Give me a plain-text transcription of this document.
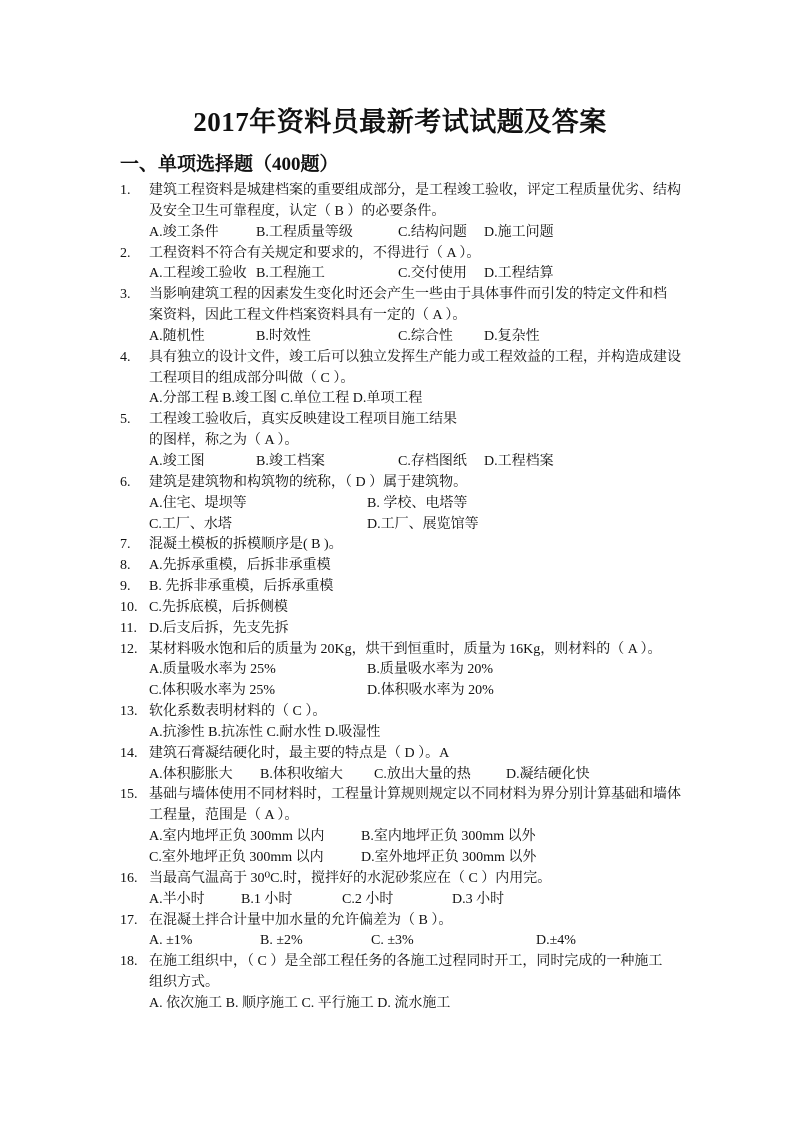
2017年资料员最新考试试题及答案
一、单项选择题（400题）
1. 建筑工程资料是城建档案的重要组成部分，是工程竣工验收，评定工程质量优劣、结构
及安全卫生可靠程度，认定（ B ）的必要条件。
A.竣工条件	B.工程质量等级	C.结构问题 D.施工问题
2. 工程资料不符合有关规定和要求的，不得进行（ A ）。
A.工程竣工验收 B.工程施工	C.交付使用 D.工程结算
3. 当影响建筑工程的因素发生变化时还会产生一些由于具体事件而引发的特定文件和档
案资料，因此工程文件档案资料具有一定的（ A ）。
A.随机性	B.时效性	C.综合性 D.复杂性
4. 具有独立的设计文件，竣工后可以独立发挥生产能力或工程效益的工程，并构造成建设
工程项目的组成部分叫做（ C ）。
A.分部工程 B.竣工图 C.单位工程 D.单项工程
5. 工程竣工验收后，真实反映建设工程项目施工结果
的图样，称之为（ A ）。
A.竣工图	B.竣工档案	C.存档图纸 D.工程档案
6. 建筑是建筑物和构筑物的统称，（ D ）属于建筑物。
A.住宅、堤坝等	B. 学校、电塔等
C.工厂、水塔	D.工厂、展览馆等
7. 混凝土模板的拆模顺序是( B )。
8. A.先拆承重模，后拆非承重模
9. B. 先拆非承重模，后拆承重模
10. C.先拆底模，后拆侧模
11. D.后支后拆，先支先拆
12. 某材料吸水饱和后的质量为 20Kg，烘干到恒重时，质量为 16Kg，则材料的（ A ）。
A.质量吸水率为 25%	B.质量吸水率为 20%
C.体积吸水率为 25%	D.体积吸水率为 20%
13. 软化系数表明材料的（ C ）。
A.抗渗性 B.抗冻性 C.耐水性 D.吸湿性
14. 建筑石膏凝结硬化时，最主要的特点是（ D ）。A
A.体积膨胀大 B.体积收缩大 C.放出大量的热	D.凝结硬化快
15. 基础与墙体使用不同材料时，工程量计算规则规定以不同材料为界分别计算基础和墙体
工程量，范围是（ A ）。
A.室内地坪正负 300mm 以内	B.室内地坪正负 300mm 以外
C.室外地坪正负 300mm 以内	D.室外地坪正负 300mm 以外
16. 当最高气温高于 30⁰C.时，搅拌好的水泥砂浆应在（ C ）内用完。
A.半小时	B.1 小时	C.2 小时	D.3 小时
17. 在混凝土拌合计量中加水量的允许偏差为（ B ）。
A. ±1%	B. ±2%	C. ±3%	D.±4%
18. 在施工组织中，（ C ）是全部工程任务的各施工过程同时开工，同时完成的一种施工
组织方式。
A. 依次施工 B. 顺序施工 C. 平行施工 D. 流水施工
